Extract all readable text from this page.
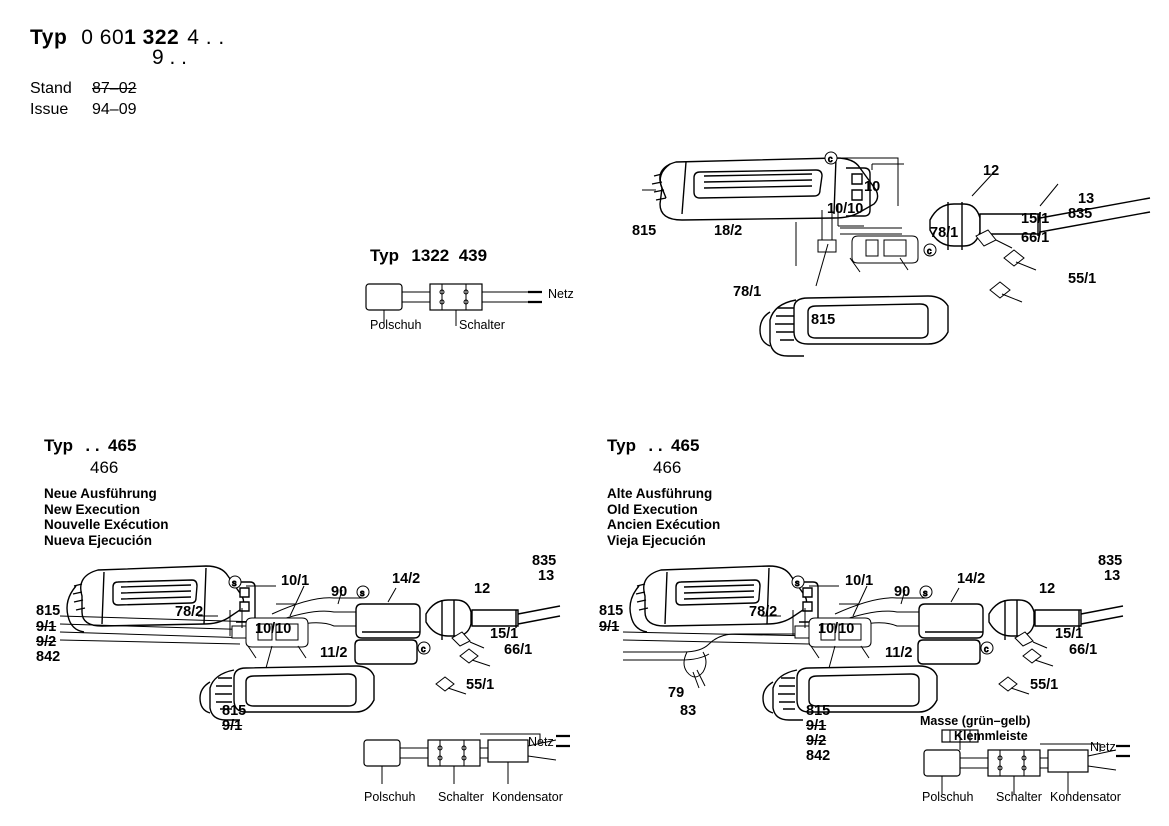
Typ 0 601 322 4 . .
9 . .
Stand 87–02
Issue 94–09
c
c
12
10
13
835
15/1
66/1
10/10
78/1
78/1
18/2
815
815
55/1
Typ 1322 439
Polschuh	Schalter
Netz
Typ . . 465
466
Neue Ausführung
New Execution
Nouvelle Exécution
Nueva Ejecución
s
s
c
815
9/1
9/2
842
78/2
10/1
10/10
90
14/2
12
835
13
15/1
66/1
11/2
55/1
815
9/1
Polschuh Schalter Kondensator
Netz
Typ . . 465
466
Alte Ausführung
Old Execution
Ancien Exécution
Vieja Ejecución
s
s
c
815
9/1
78/2
10/1
10/10
90
14/2
12
835
13
15/1
66/1
11/2
55/1
79
83	815
9/1
9/2
842
Masse (grün–gelb)
Klemmleiste
Polschuh Schalter Kondensator
Netz
